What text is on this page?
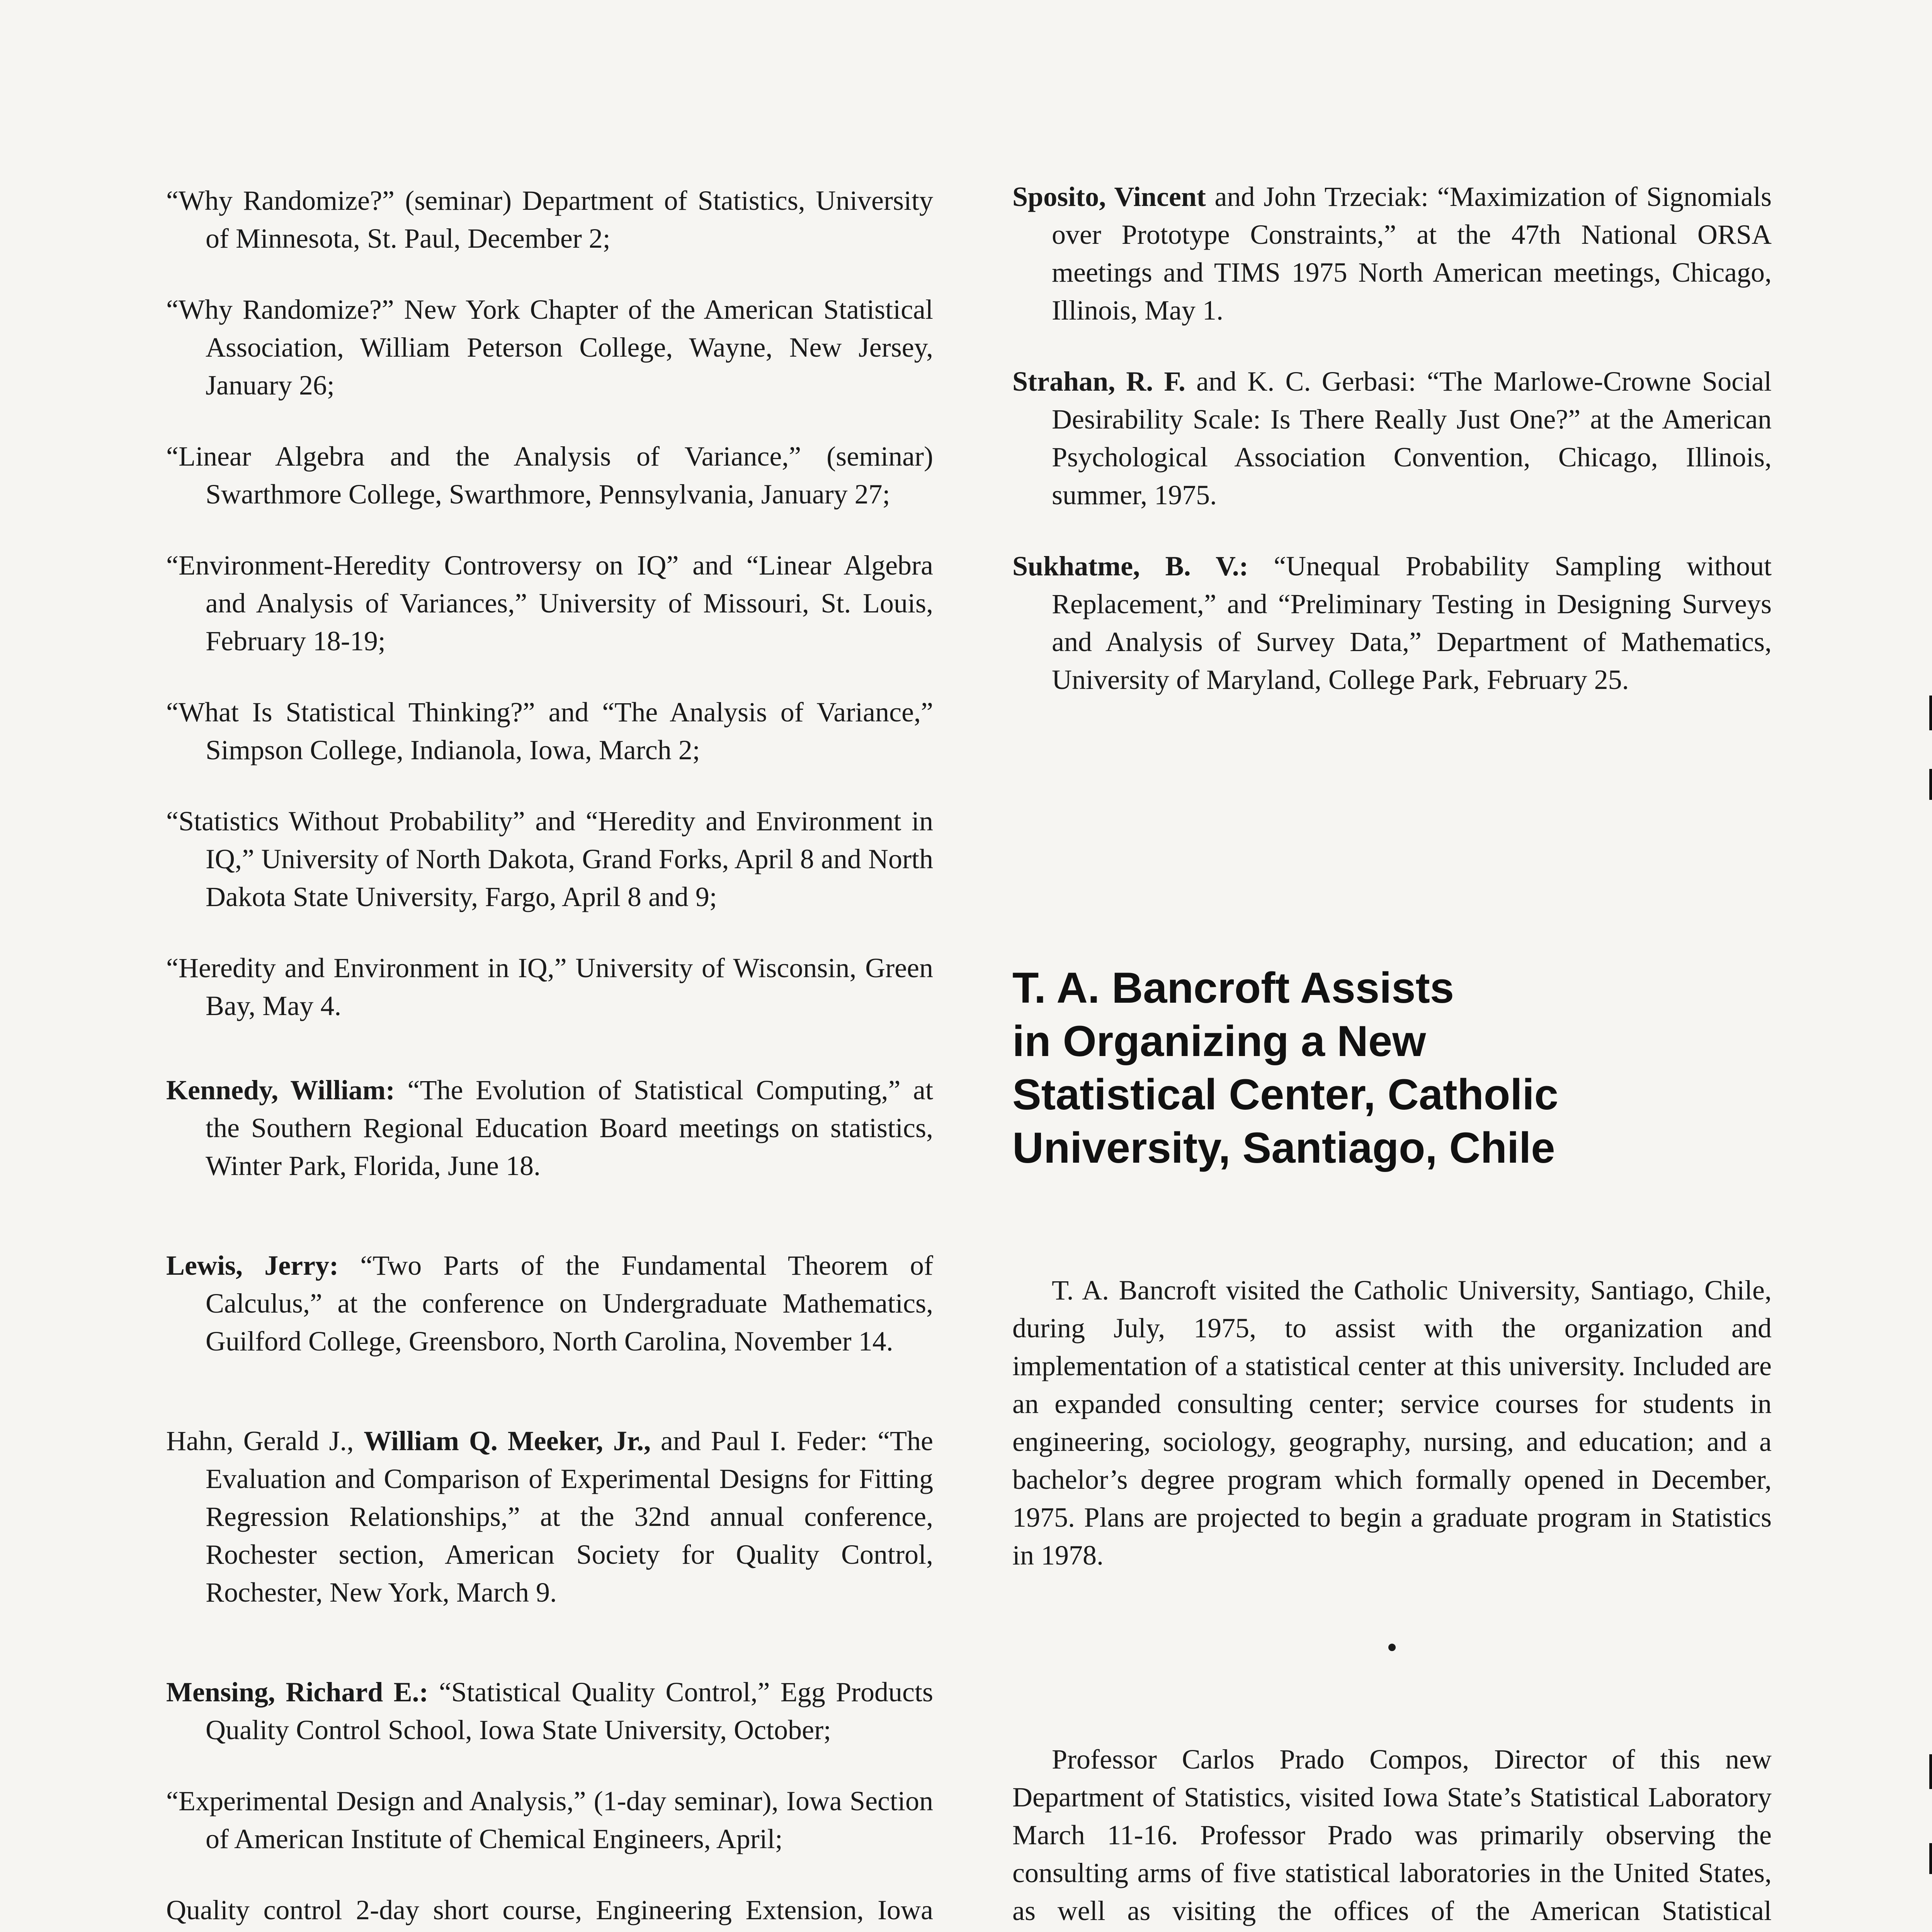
“Why Randomize?” (seminar) Department of Statistics, University of Minnesota, St. Paul, December 2;

“Why Randomize?” New York Chapter of the American Statistical Association, William Peterson College, Wayne, New Jersey, January 26;

“Linear Algebra and the Analysis of Variance,” (seminar) Swarthmore College, Swarthmore, Pennsylvania, January 27;

“Environment-Heredity Controversy on IQ” and “Linear Algebra and Analysis of Variances,” University of Missouri, St. Louis, February 18-19;

“What Is Statistical Thinking?” and “The Analysis of Variance,” Simpson College, Indianola, Iowa, March 2;

“Statistics Without Probability” and “Heredity and Environment in IQ,” University of North Dakota, Grand Forks, April 8 and North Dakota State University, Fargo, April 8 and 9;

“Heredity and Environment in IQ,” University of Wisconsin, Green Bay, May 4.

Kennedy, William: “The Evolution of Statistical Computing,” at the Southern Regional Education Board meetings on statistics, Winter Park, Florida, June 18.

Lewis, Jerry: “Two Parts of the Fundamental Theorem of Calculus,” at the conference on Undergraduate Mathematics, Guilford College, Greensboro, North Carolina, November 14.

Hahn, Gerald J., William Q. Meeker, Jr., and Paul I. Feder: “The Evaluation and Comparison of Experimental Designs for Fitting Regression Relationships,” at the 32nd annual conference, Rochester section, American Society for Quality Control, Rochester, New York, March 9.

Mensing, Richard E.: “Statistical Quality Control,” Egg Products Quality Control School, Iowa State University, October;

“Experimental Design and Analysis,” (1-day seminar), Iowa Section of American Institute of Chemical Engineers, April;

Quality control 2-day short course, Engineering Extension, Iowa

Sposito, Vincent and John Trzeciak: “Maximization of Signomials over Prototype Constraints,” at the 47th National ORSA meetings and TIMS 1975 North American meetings, Chicago, Illinois, May 1.

Strahan, R. F. and K. C. Gerbasi: “The Marlowe-Crowne Social Desirability Scale: Is There Really Just One?” at the American Psychological Association Convention, Chicago, Illinois, summer, 1975.

Sukhatme, B. V.: “Unequal Probability Sampling without Replacement,” and “Preliminary Testing in Designing Surveys and Analysis of Survey Data,” Department of Mathematics, University of Maryland, College Park, February 25.

T. A. Bancroft Assists

in Organizing a New

Statistical Center, Catholic

University, Santiago, Chile

T. A. Bancroft visited the Catholic University, Santiago, Chile, during July, 1975, to assist with the organization and implementation of a statistical center at this university. Included are an expanded consulting center; service courses for students in engineering, sociology, geography, nursing, and education; and a bachelor’s degree program which formally opened in December, 1975. Plans are projected to begin a graduate program in Statistics in 1978.

•

Professor Carlos Prado Compos, Director of this new Department of Statistics, visited Iowa State’s Statistical Laboratory March 11-16. Professor Prado was primarily observing the consulting arms of five statistical laboratories in the United States, as well as visiting the offices of the American Statistical
